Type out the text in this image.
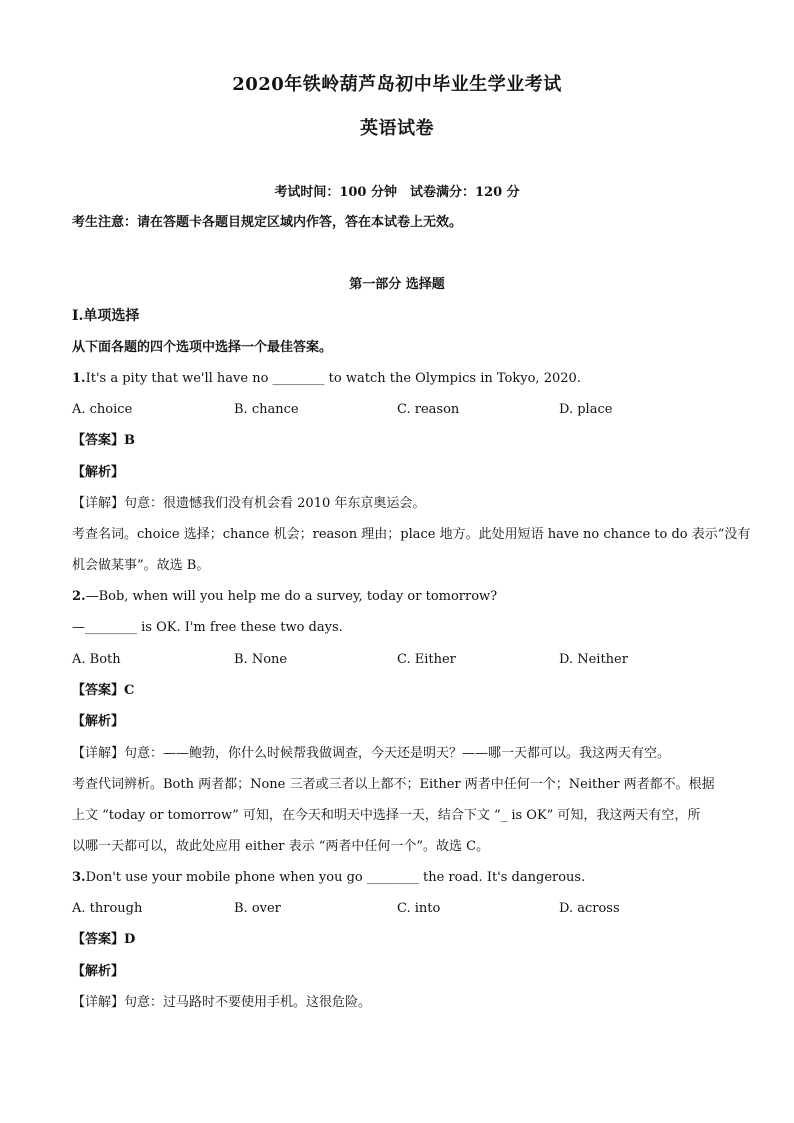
2020年铁岭葫芦岛初中毕业生学业考试
英语试卷
考试时间：100 分钟　试卷满分：120 分
考生注意：请在答题卡各题目规定区域内作答，答在本试卷上无效。
第一部分 选择题
I.单项选择
从下面各题的四个选项中选择一个最佳答案。
1.It's a pity that we'll have no ________ to watch the Olympics in Tokyo, 2020.
A. choice	B. chance	C. reason	D. place
【答案】B
【解析】
【详解】句意：很遗憾我们没有机会看 2010 年东京奥运会。
考查名词。choice 选择；chance 机会；reason 理由；place 地方。此处用短语 have no chance to do 表示“没有
机会做某事”。故选 B。
2.—Bob, when will you help me do a survey, today or tomorrow?
—________ is OK. I'm free these two days.
A. Both	B. None	C. Either	D. Neither
【答案】C
【解析】
【详解】句意：——鲍勃，你什么时候帮我做调查，今天还是明天？——哪一天都可以。我这两天有空。
考查代词辨析。Both 两者都；None 三者或三者以上都不；Either 两者中任何一个；Neither 两者都不。根据
上文 “today or tomorrow” 可知，在今天和明天中选择一天，结合下文 “_ is OK” 可知，我这两天有空，所
以哪一天都可以，故此处应用 either 表示 “两者中任何一个”。故选 C。
3.Don't use your mobile phone when you go ________ the road. It's dangerous.
A. through	B. over	C. into	D. across
【答案】D
【解析】
【详解】句意：过马路时不要使用手机。这很危险。
